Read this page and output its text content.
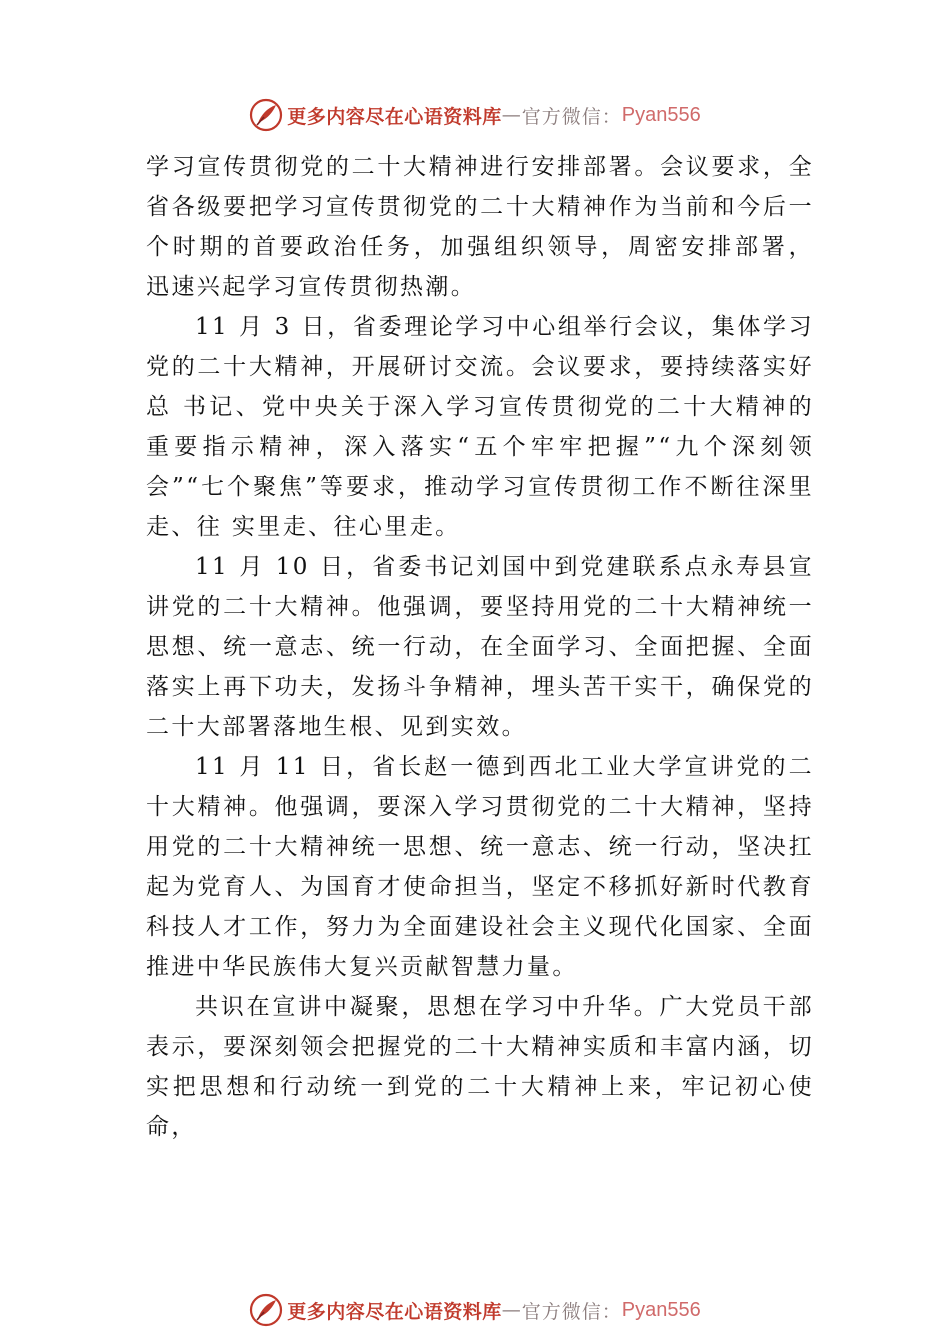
更多内容尽在心语资料库 — 官方微信： Pyan556

学习宣传贯彻党的二十大精神进行安排部署。会议要求，全省各级要把学习宣传贯彻党的二十大精神作为当前和今后一个时期的首要政治任务，加强组织领导，周密安排部署， 迅速兴起学习宣传贯彻热潮。

11 月 3 日，省委理论学习中心组举行会议，集体学习党的二十大精神，开展研讨交流。会议要求，要持续落实好总 书记、党中央关于深入学习宣传贯彻党的二十大精神的重要指示精神，深入落实“五个牢牢把握”“九个深刻领会”“七个聚焦”等要求，推动学习宣传贯彻工作不断往深里走、往 实里走、往心里走。

11 月 10 日，省委书记刘国中到党建联系点永寿县宣讲党的二十大精神。他强调，要坚持用党的二十大精神统一思想、统一意志、统一行动，在全面学习、全面把握、全面落实上再下功夫，发扬斗争精神，埋头苦干实干，确保党的二十大部署落地生根、见到实效。

11 月 11 日，省长赵一德到西北工业大学宣讲党的二十大精神。他强调，要深入学习贯彻党的二十大精神，坚持用党的二十大精神统一思想、统一意志、统一行动，坚决扛起为党育人、为国育才使命担当，坚定不移抓好新时代教育科技人才工作，努力为全面建设社会主义现代化国家、全面推进中华民族伟大复兴贡献智慧力量。

共识在宣讲中凝聚，思想在学习中升华。广大党员干部表示，要深刻领会把握党的二十大精神实质和丰富内涵，切实把思想和行动统一到党的二十大精神上来，牢记初心使命，

更多内容尽在心语资料库 — 官方微信： Pyan556
